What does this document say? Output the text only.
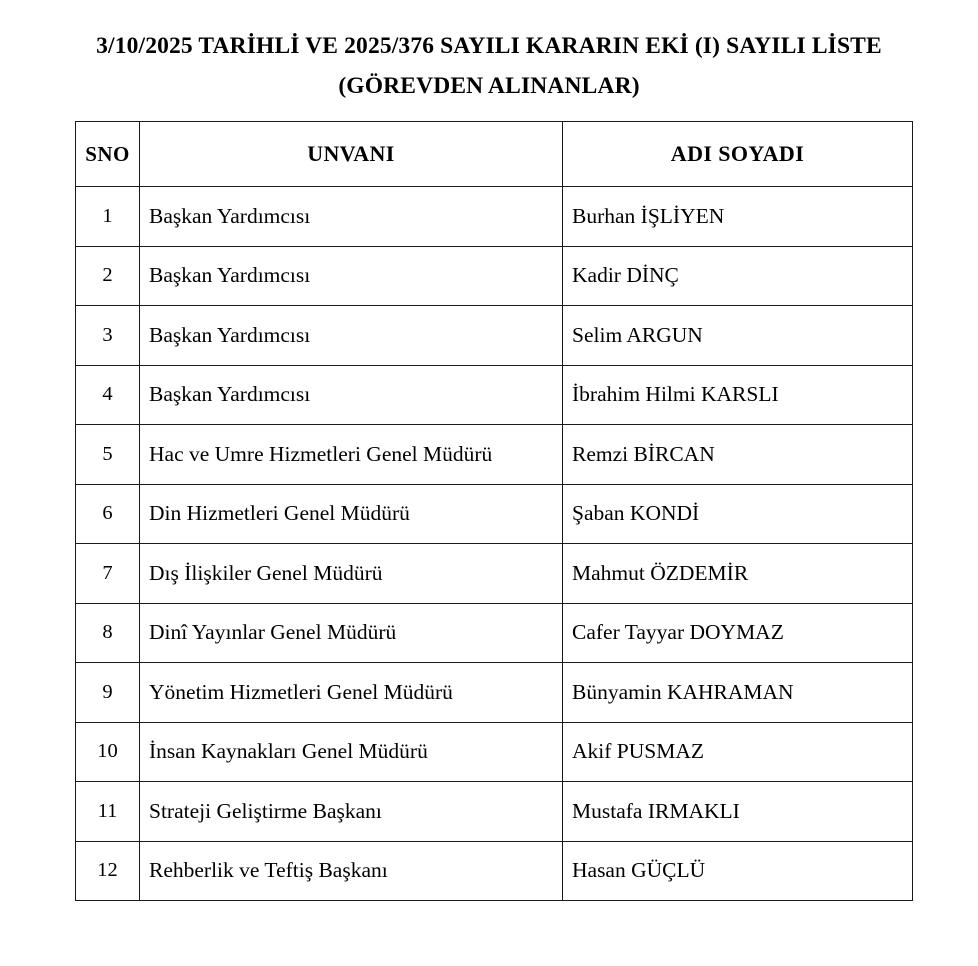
3/10/2025 TARİHLİ VE 2025/376 SAYILI KARARIN EKİ (I) SAYILI LİSTE
(GÖREVDEN ALINANLAR)
SNO	UNVANI	ADI SOYADI
1	Başkan Yardımcısı	Burhan İŞLİYEN
2	Başkan Yardımcısı	Kadir DİNÇ
3	Başkan Yardımcısı	Selim ARGUN
4	Başkan Yardımcısı	İbrahim Hilmi KARSLI
5	Hac ve Umre Hizmetleri Genel Müdürü	Remzi BİRCAN
6	Din Hizmetleri Genel Müdürü	Şaban KONDİ
7	Dış İlişkiler Genel Müdürü	Mahmut ÖZDEMİR
8	Dinî Yayınlar Genel Müdürü	Cafer Tayyar DOYMAZ
9	Yönetim Hizmetleri Genel Müdürü	Bünyamin KAHRAMAN
10	İnsan Kaynakları Genel Müdürü	Akif PUSMAZ
11	Strateji Geliştirme Başkanı	Mustafa IRMAKLI
12	Rehberlik ve Teftiş Başkanı	Hasan GÜÇLÜ
